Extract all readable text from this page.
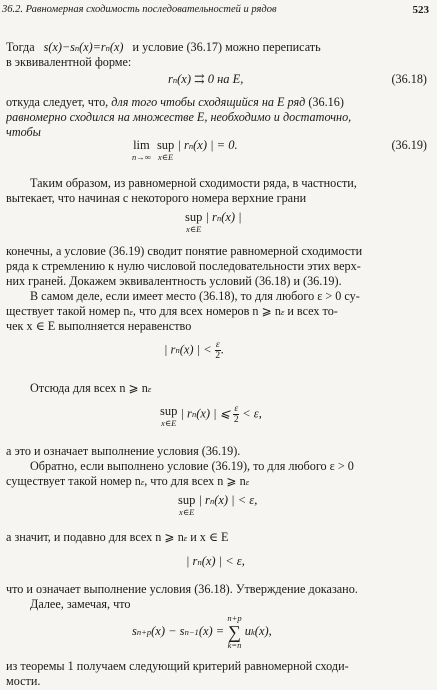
36.2. Равномерная сходимость последовательностей и рядов	523
Тогда s(x)−sn(x)=rn(x) и условие (36.17) можно переписать
в эквивалентной форме:
rn(x) ⇉ 0 на E,	(36.18)
откуда следует, что, для того чтобы сходящийся на E ряд (36.16)
равномерно сходился на множестве E, необходимо и достаточно,
чтобы
lim
n→∞
sup
x∈E
| rn(x) | = 0.	(36.19)
Таким образом, из равномерной сходимости ряда, в частности,
вытекает, что начиная с некоторого номера верхние грани
sup
x∈E
| rn(x) |
конечны, а условие (36.19) сводит понятие равномерной сходимости
ряда к стремлению к нулю числовой последовательности этих верх-
них граней. Докажем эквивалентность условий (36.18) и (36.19).
В самом деле, если имеет место (36.18), то для любого ε > 0 су-
ществует такой номер nε, что для всех номеров n ⩾ nε и всех то-
чек x ∈ E выполняется неравенство
| rn(x) | < $\frac{\varepsilon}{2}$ .
Отсюда для всех n ⩾ nε
sup
x∈E
| rn(x) | ⩽ $\frac{\varepsilon}{2} < \varepsilon$,
а это и означает выполнение условия (36.19).
Обратно, если выполнено условие (36.19), то для любого ε > 0
существует такой номер nε, что для всех n ⩾ nε
sup
x∈E
| rn(x) | < ε,
а значит, и подавно для всех n ⩾ nε и x ∈ E
| rn(x) | < ε,
что и означает выполнение условия (36.18). Утверждение доказано.
Далее, замечая, что
sn+p(x) − sn−1(x) =
n+p
∑
k=n
uk(x),
из теоремы 1 получаем следующий критерий равномерной сходи-
мости.
